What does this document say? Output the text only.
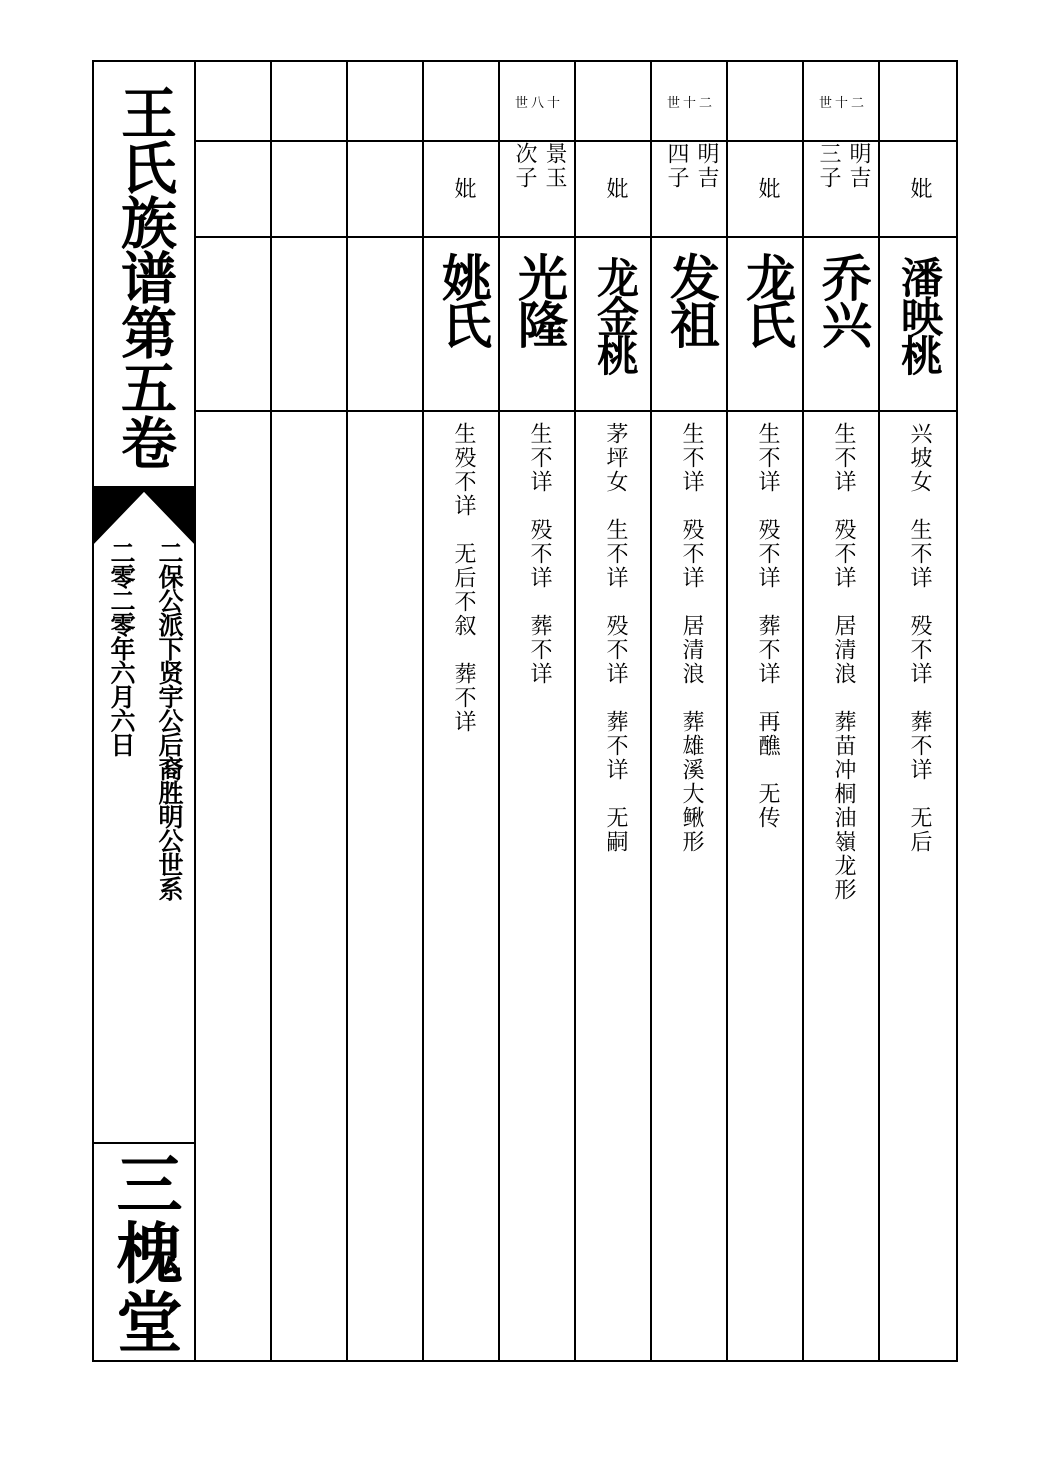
王氏族谱第五卷
二保公派下贤宇公后裔胜明公世系
二零二零年六月六日
三槐堂
妣
潘映桃
兴坡女　生不详　殁不详　葬不详　无后
世十二
明吉 三子
乔兴
生不详　殁不详　居清浪　葬苗冲桐油嶺龙形
妣
龙氏
生不详　殁不详　葬不详　再醮　无传
世十二
明吉 四子
发祖
生不详　殁不详　居清浪　葬雄溪大鳅形
妣
龙金桃
茅坪女　生不详　殁不详　葬不详　无嗣
世八十
景玉 次子
光隆
生不详　殁不详　葬不详
妣
姚氏
生殁不详　无后不叙　葬不详
